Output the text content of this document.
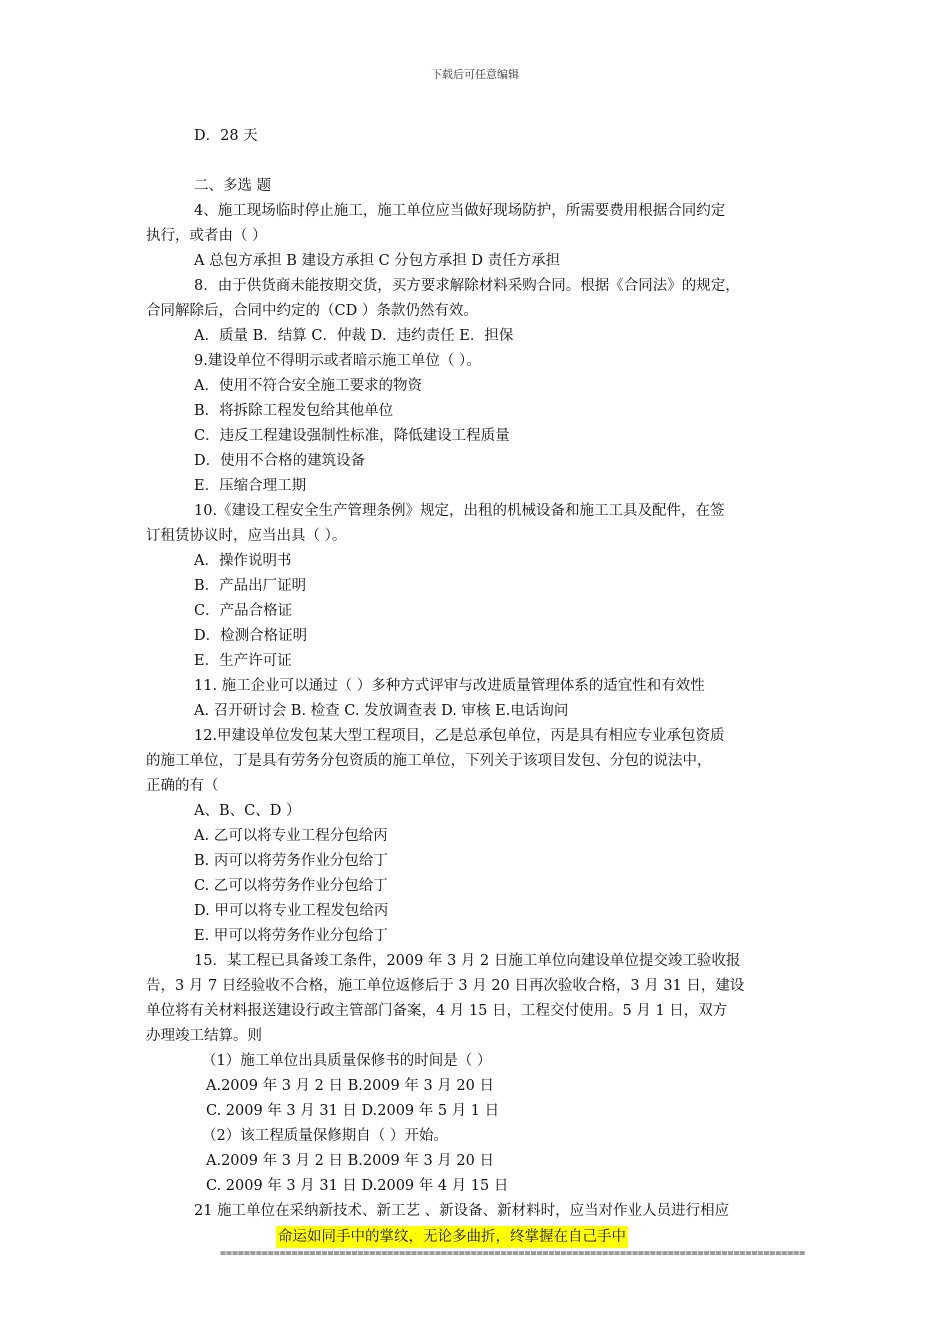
下载后可任意编辑
D．28 天
二、多选 题
4、施工现场临时停止施工，施工单位应当做好现场防护，所需要费用根据合同约定
执行，或者由（ ）
A 总包方承担 B 建设方承担 C 分包方承担 D 责任方承担
8．由于供货商未能按期交货，买方要求解除材料采购合同。根据《合同法》的规定，
合同解除后，合同中约定的（CD ）条款仍然有效。
A．质量 B．结算 C．仲裁 D．违约责任 E．担保
9.建设单位不得明示或者暗示施工单位（ ）。
A．使用不符合安全施工要求的物资
B．将拆除工程发包给其他单位
C．违反工程建设强制性标准，降低建设工程质量
D．使用不合格的建筑设备
E．压缩合理工期
10.《建设工程安全生产管理条例》规定，出租的机械设备和施工工具及配件，在签
订租赁协议时，应当出具（ ）。
A．操作说明书
B．产品出厂证明
C．产品合格证
D．检测合格证明
E．生产许可证
11. 施工企业可以通过（ ）多种方式评审与改进质量管理体系的适宜性和有效性
A. 召开研讨会 B. 检查 C. 发放调查表 D. 审核 E.电话询问
12.甲建设单位发包某大型工程项目，乙是总承包单位，丙是具有相应专业承包资质
的施工单位，丁是具有劳务分包资质的施工单位，下列关于该项目发包、分包的说法中，
正确的有（
A、B、C、D ）
A. 乙可以将专业工程分包给丙
B. 丙可以将劳务作业分包给丁
C. 乙可以将劳务作业分包给丁
D. 甲可以将专业工程发包给丙
E. 甲可以将劳务作业分包给丁
15．某工程已具备竣工条件，2009 年 3 月 2 日施工单位向建设单位提交竣工验收报
告，3 月 7 日经验收不合格，施工单位返修后于 3 月 20 日再次验收合格，3 月 31 日，建设
单位将有关材料报送建设行政主管部门备案，4 月 15 日，工程交付使用。5 月 1 日，双方
办理竣工结算。则
（1）施工单位出具质量保修书的时间是（ ）
A.2009 年 3 月 2 日 B.2009 年 3 月 20 日
C. 2009 年 3 月 31 日 D.2009 年 5 月 1 日
（2）该工程质量保修期自（ ）开始。
A.2009 年 3 月 2 日 B.2009 年 3 月 20 日
C. 2009 年 3 月 31 日 D.2009 年 4 月 15 日
21 施工单位在采纳新技术、新工艺 、新设备、新材料时，应当对作业人员进行相应
命运如同手中的掌纹，无论多曲折，终掌握在自己手中
==================================================================================================
